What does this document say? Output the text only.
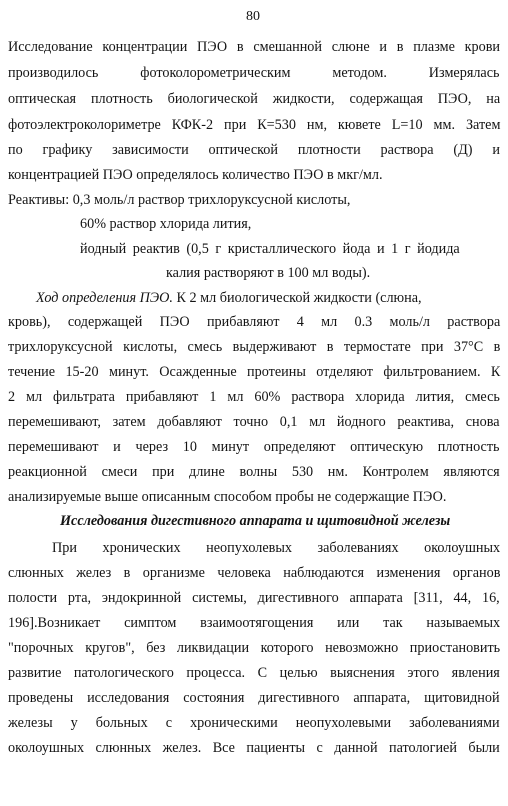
80
Исследование концентрации ПЭО в смешанной слюне и в плазме крови
производилось фотоколорометрическим методом. Измерялась
оптическая плотность биологической жидкости, содержащая ПЭО, на
фотоэлектроколориметре КФК-2 при К=530 нм, кювете L=10 мм. Затем
по графику зависимости оптической плотности раствора (Д) и
концентрацией ПЭО определялось количество ПЭО в мкг/мл.
Реактивы: 0,3 моль/л раствор трихлоруксусной кислоты,
60% раствор хлорида лития,
йодный реактив (0,5 г кристаллического йода и 1 г йодида
калия растворяют в 100 мл воды).
Ход определения ПЭО. К 2 мл биологической жидкости (слюна,
кровь), содержащей ПЭО прибавляют 4 мл 0.3 моль/л раствора
трихлоруксусной кислоты, смесь выдерживают в термостате при 37°С в
течение 15-20 минут. Осажденные протеины отделяют фильтрованием. К
2 мл фильтрата прибавляют 1 мл 60% раствора хлорида лития, смесь
перемешивают, затем добавляют точно 0,1 мл йодного реактива, снова
перемешивают и через 10 минут определяют оптическую плотность
реакционной смеси при длине волны 530 нм. Контролем являются
анализируемые выше описанным способом пробы не содержащие ПЭО.
Исследования дигестивного аппарата и щитовидной железы
При хронических неопухолевых заболеваниях околоушных
слюнных желез в организме человека наблюдаются изменения органов
полости рта, эндокринной системы, дигестивного аппарата [311, 44, 16,
196].Возникает симптом взаимоотягощения или так называемых
"порочных кругов", без ликвидации которого невозможно приостановить
развитие патологического процесса. С целью выяснения этого явления
проведены исследования состояния дигестивного аппарата, щитовидной
железы у больных с хроническими неопухолевыми заболеваниями
околоушных слюнных желез. Все пациенты с данной патологией были
